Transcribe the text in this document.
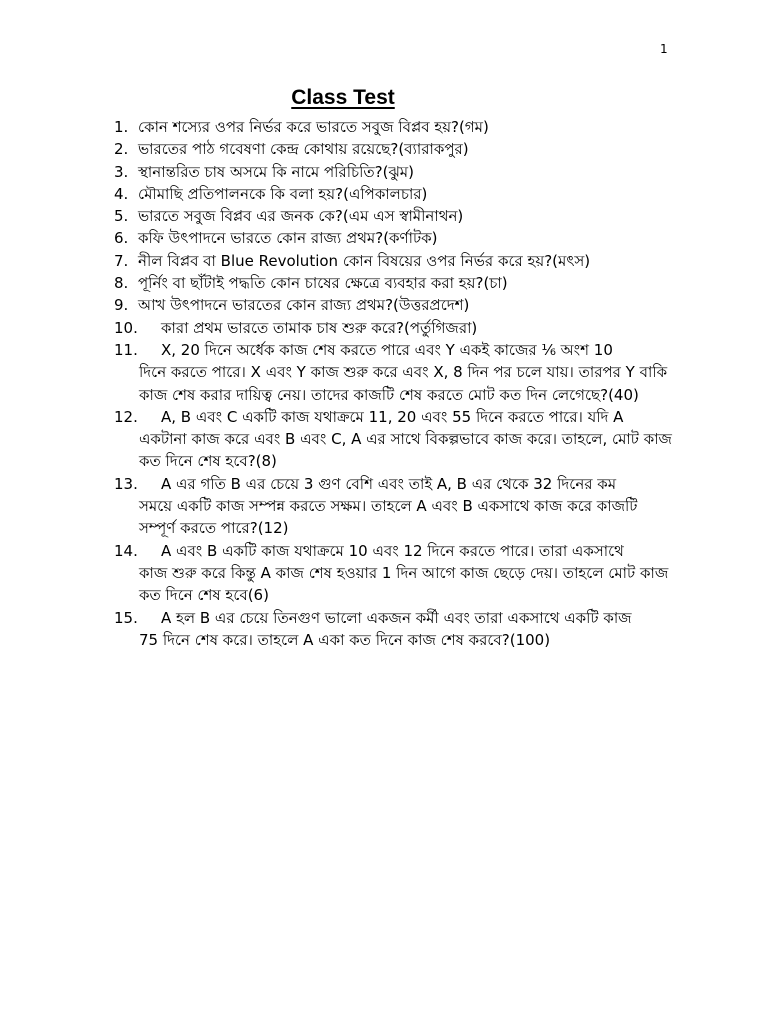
1
Class Test
1. কোন শস্যের ওপর নির্ভর করে ভারতে সবুজ বিপ্লব হয়?(গম)
2. ভারতের পাঠ গবেষণা কেন্দ্র কোথায় রয়েছে?(ব্যারাকপুর)
3. স্থানান্তরিত চাষ অসমে কি নামে পরিচিতি?(ঝুম)
4. মৌমাছি প্রতিপালনকে কি বলা হয়?(এপিকালচার)
5. ভারতে সবুজ বিপ্লব এর জনক কে?(এম এস স্বামীনাথন)
6. কফি উৎপাদনে ভারতে কোন রাজ্য প্রথম?(কর্ণাটক)
7. নীল বিপ্লব বা Blue Revolution কোন বিষয়ের ওপর নির্ভর করে হয়?(মৎস)
8. পূর্নিং বা ছাঁটাই পদ্ধতি কোন চাষের ক্ষেত্রে ব্যবহার করা হয়?(চা)
9. আখ উৎপাদনে ভারতের কোন রাজ্য প্রথম?(উত্তরপ্রদেশ)
10.	কারা প্রথম ভারতে তামাক চাষ শুরু করে?(পর্তুগিজরা)
11.	X, 20 দিনে অর্ধেক কাজ শেষ করতে পারে এবং Y একই কাজের ⅙ অংশ 10
দিনে করতে পারে। X এবং Y কাজ শুরু করে এবং X, 8 দিন পর চলে যায়। তারপর Y বাকি কাজ শেষ করার দায়িত্ব নেয়। তাদের কাজটি শেষ করতে মোট কত দিন লেগেছে?(40)
12.	A, B এবং C একটি কাজ যথাক্রমে 11, 20 এবং 55 দিনে করতে পারে। যদি A
একটানা কাজ করে এবং B এবং C, A এর সাথে বিকল্পভাবে কাজ করে। তাহলে, মোট কাজ কত দিনে শেষ হবে?(8)
13.	A এর গতি B এর চেয়ে 3 গুণ বেশি এবং তাই A, B এর থেকে 32 দিনের কম
সময়ে একটি কাজ সম্পন্ন করতে সক্ষম। তাহলে A এবং B একসাথে কাজ করে কাজটি সম্পূর্ণ করতে পারে?(12)
14.	A এবং B একটি কাজ যথাক্রমে 10 এবং 12 দিনে করতে পারে। তারা একসাথে
কাজ শুরু করে কিন্তু A কাজ শেষ হওয়ার 1 দিন আগে কাজ ছেড়ে দেয়। তাহলে মোট কাজ কত দিনে শেষ হবে(6)
15.	A হল B এর চেয়ে তিনগুণ ভালো একজন কর্মী এবং তারা একসাথে একটি কাজ
75 দিনে শেষ করে। তাহলে A একা কত দিনে কাজ শেষ করবে?(100)
